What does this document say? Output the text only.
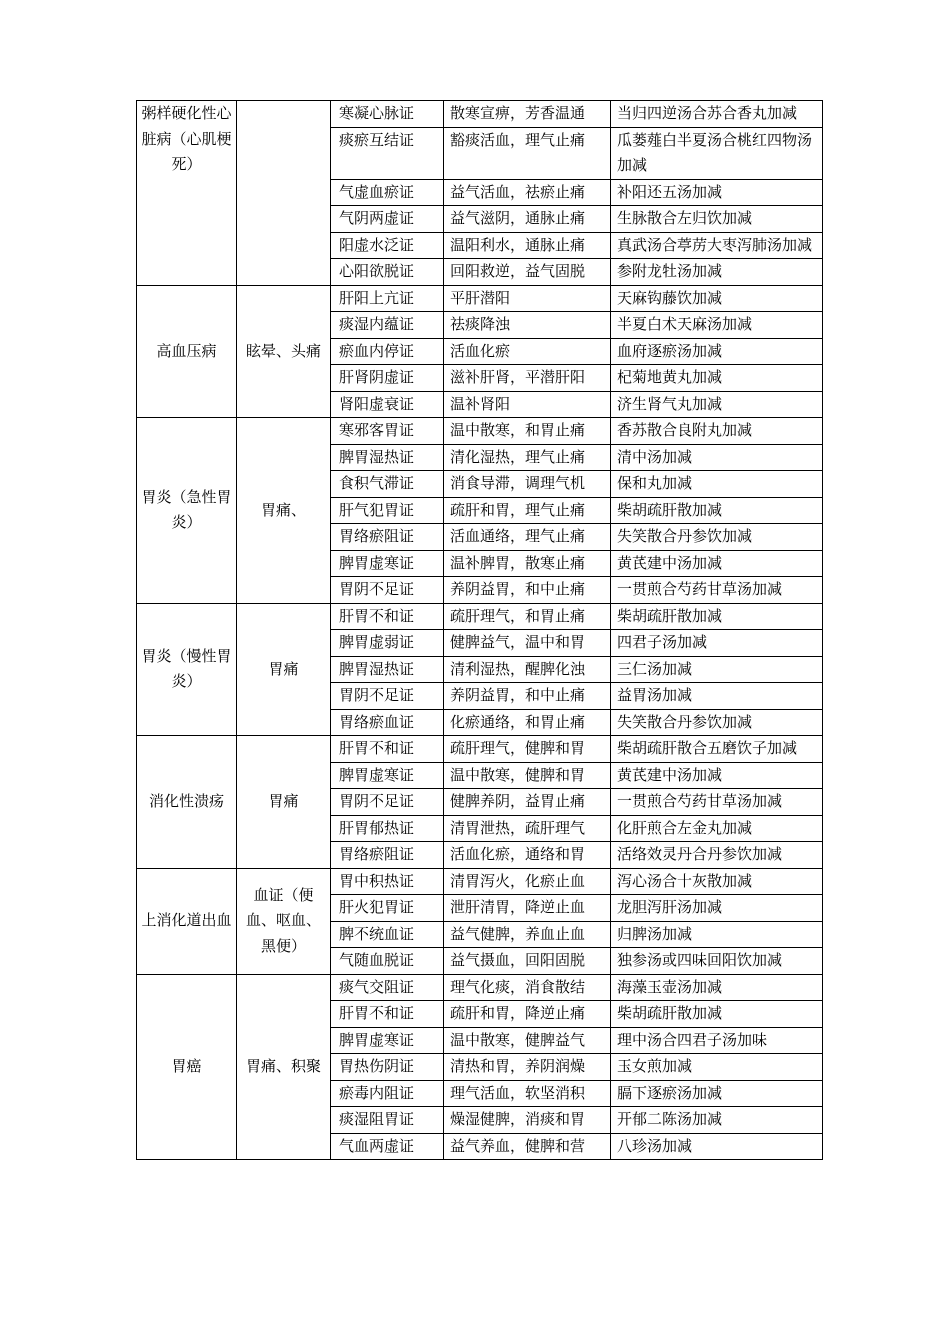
粥样硬化性心脏病（心肌梗死）		寒凝心脉证	散寒宣痹，芳香温通	当归四逆汤合苏合香丸加减
		痰瘀互结证	豁痰活血，理气止痛	瓜蒌薤白半夏汤合桃红四物汤加减
		气虚血瘀证	益气活血，祛瘀止痛	补阳还五汤加减
		气阴两虚证	益气滋阴，通脉止痛	生脉散合左归饮加减
		阳虚水泛证	温阳利水，通脉止痛	真武汤合葶苈大枣泻肺汤加减
		心阳欲脱证	回阳救逆，益气固脱	参附龙牡汤加减
高血压病	眩晕、头痛	肝阳上亢证	平肝潜阳	天麻钩藤饮加减
		痰湿内蕴证	祛痰降浊	半夏白术天麻汤加减
		瘀血内停证	活血化瘀	血府逐瘀汤加减
		肝肾阴虚证	滋补肝肾，平潜肝阳	杞菊地黄丸加减
		肾阳虚衰证	温补肾阳	济生肾气丸加减
胃炎（急性胃炎）	胃痛、	寒邪客胃证	温中散寒，和胃止痛	香苏散合良附丸加减
		脾胃湿热证	清化湿热，理气止痛	清中汤加减
		食积气滞证	消食导滞，调理气机	保和丸加减
		肝气犯胃证	疏肝和胃，理气止痛	柴胡疏肝散加减
		胃络瘀阻证	活血通络，理气止痛	失笑散合丹参饮加减
		脾胃虚寒证	温补脾胃，散寒止痛	黄芪建中汤加减
		胃阴不足证	养阴益胃，和中止痛	一贯煎合芍药甘草汤加减
胃炎（慢性胃炎）	胃痛	肝胃不和证	疏肝理气，和胃止痛	柴胡疏肝散加减
		脾胃虚弱证	健脾益气，温中和胃	四君子汤加减
		脾胃湿热证	清利湿热，醒脾化浊	三仁汤加减
		胃阴不足证	养阴益胃，和中止痛	益胃汤加减
		胃络瘀血证	化瘀通络，和胃止痛	失笑散合丹参饮加减
消化性溃疡	胃痛	肝胃不和证	疏肝理气，健脾和胃	柴胡疏肝散合五磨饮子加减
		脾胃虚寒证	温中散寒，健脾和胃	黄芪建中汤加减
		胃阴不足证	健脾养阴，益胃止痛	一贯煎合芍药甘草汤加减
		肝胃郁热证	清胃泄热，疏肝理气	化肝煎合左金丸加减
		胃络瘀阻证	活血化瘀，通络和胃	活络效灵丹合丹参饮加减
上消化道出血	血证（便血、呕血、黑便）	胃中积热证	清胃泻火，化瘀止血	泻心汤合十灰散加减
		肝火犯胃证	泄肝清胃，降逆止血	龙胆泻肝汤加减
		脾不统血证	益气健脾，养血止血	归脾汤加减
		气随血脱证	益气摄血，回阳固脱	独参汤或四味回阳饮加减
胃癌	胃痛、积聚	痰气交阻证	理气化痰，消食散结	海藻玉壶汤加减
		肝胃不和证	疏肝和胃，降逆止痛	柴胡疏肝散加减
		脾胃虚寒证	温中散寒，健脾益气	理中汤合四君子汤加味
		胃热伤阴证	清热和胃，养阴润燥	玉女煎加减
		瘀毒内阻证	理气活血，软坚消积	膈下逐瘀汤加减
		痰湿阻胃证	燥湿健脾，消痰和胃	开郁二陈汤加减
		气血两虚证	益气养血，健脾和营	八珍汤加减
